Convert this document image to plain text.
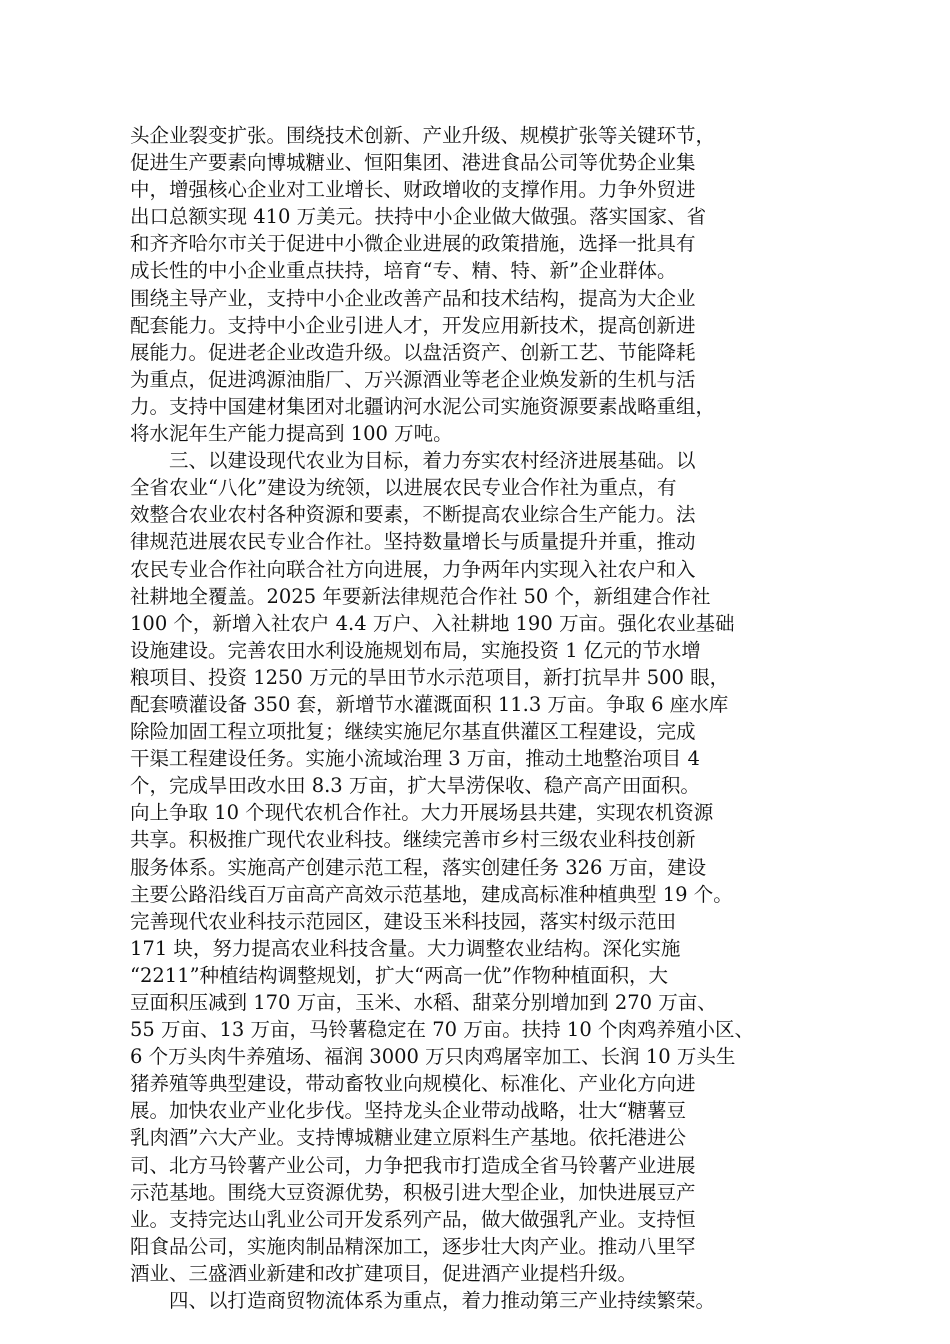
头企业裂变扩张。围绕技术创新、产业升级、规模扩张等关键环节，
促进生产要素向博城糖业、恒阳集团、港进食品公司等优势企业集
中，增强核心企业对工业增长、财政增收的支撑作用。力争外贸进
出口总额实现 410 万美元。扶持中小企业做大做强。落实国家、省
和齐齐哈尔市关于促进中小微企业进展的政策措施，选择一批具有
成长性的中小企业重点扶持，培育“专、精、特、新”企业群体。
围绕主导产业，支持中小企业改善产品和技术结构，提高为大企业
配套能力。支持中小企业引进人才，开发应用新技术，提高创新进
展能力。促进老企业改造升级。以盘活资产、创新工艺、节能降耗
为重点，促进鸿源油脂厂、万兴源酒业等老企业焕发新的生机与活
力。支持中国建材集团对北疆讷河水泥公司实施资源要素战略重组，
将水泥年生产能力提高到 100 万吨。
　　三、以建设现代农业为目标，着力夯实农村经济进展基础。以
全省农业“八化”建设为统领，以进展农民专业合作社为重点，有
效整合农业农村各种资源和要素，不断提高农业综合生产能力。法
律规范进展农民专业合作社。坚持数量增长与质量提升并重，推动
农民专业合作社向联合社方向进展，力争两年内实现入社农户和入
社耕地全覆盖。2025 年要新法律规范合作社 50 个，新组建合作社
100 个，新增入社农户 4.4 万户、入社耕地 190 万亩。强化农业基础
设施建设。完善农田水利设施规划布局，实施投资 1 亿元的节水增
粮项目、投资 1250 万元的旱田节水示范项目，新打抗旱井 500 眼，
配套喷灌设备 350 套，新增节水灌溉面积 11.3 万亩。争取 6 座水库
除险加固工程立项批复；继续实施尼尔基直供灌区工程建设，完成
干渠工程建设任务。实施小流域治理 3 万亩，推动土地整治项目 4
个，完成旱田改水田 8.3 万亩，扩大旱涝保收、稳产高产田面积。
向上争取 10 个现代农机合作社。大力开展场县共建，实现农机资源
共享。积极推广现代农业科技。继续完善市乡村三级农业科技创新
服务体系。实施高产创建示范工程，落实创建任务 326 万亩，建设
主要公路沿线百万亩高产高效示范基地，建成高标准种植典型 19 个。
完善现代农业科技示范园区，建设玉米科技园，落实村级示范田
171 块，努力提高农业科技含量。大力调整农业结构。深化实施
“2211”种植结构调整规划，扩大“两高一优”作物种植面积，大
豆面积压减到 170 万亩，玉米、水稻、甜菜分别增加到 270 万亩、
55 万亩、13 万亩，马铃薯稳定在 70 万亩。扶持 10 个肉鸡养殖小区、
6 个万头肉牛养殖场、福润 3000 万只肉鸡屠宰加工、长润 10 万头生
猪养殖等典型建设，带动畜牧业向规模化、标准化、产业化方向进
展。加快农业产业化步伐。坚持龙头企业带动战略，壮大“糖薯豆
乳肉酒”六大产业。支持博城糖业建立原料生产基地。依托港进公
司、北方马铃薯产业公司，力争把我市打造成全省马铃薯产业进展
示范基地。围绕大豆资源优势，积极引进大型企业，加快进展豆产
业。支持完达山乳业公司开发系列产品，做大做强乳产业。支持恒
阳食品公司，实施肉制品精深加工，逐步壮大肉产业。推动八里罕
酒业、三盛酒业新建和改扩建项目，促进酒产业提档升级。
　　四、以打造商贸物流体系为重点，着力推动第三产业持续繁荣。
